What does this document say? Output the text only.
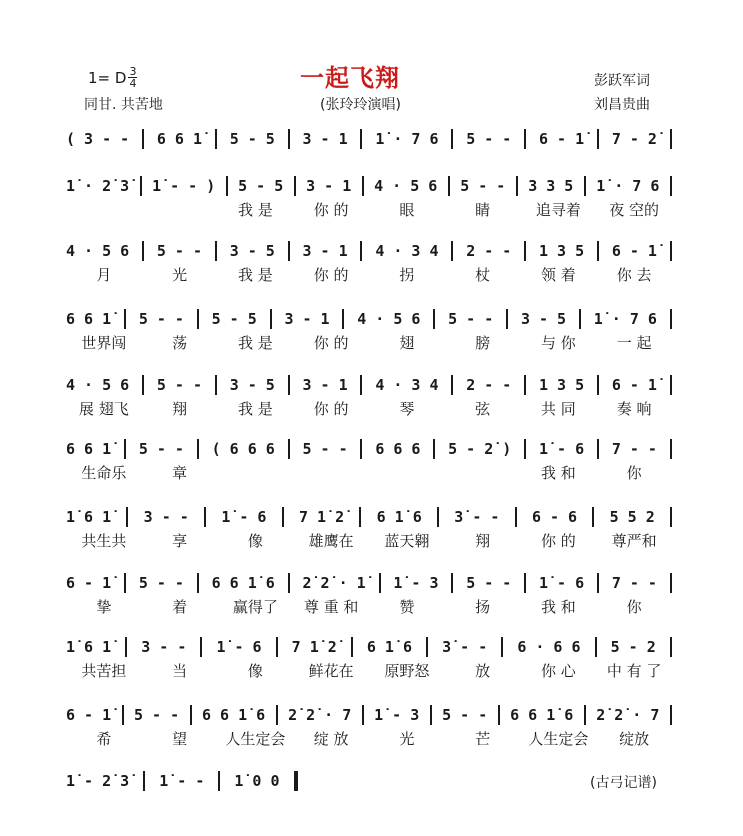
1= D $\frac{3}{4}$
同甘. 共苦地
一起飞翔
(张玲玲演唱)
彭跃军词
刘昌贵曲
( 3 - - 6 6 1̇ 5 - 5 3 - 1 1̇ · 7 6 5 - - 6 - 1̇ 7 - 2̇
1̇ · 2̇ 3̇ 1̇ - - ) 5 - 5 3 - 1 4 · 5 6 5 - - 3 3 5 1̇ · 7 6
我 是	你 的	眼	睛	追寻着	夜 空的
4 · 5 6 5 - - 3 - 5 3 - 1 4 · 3 4 2 - - 1 3 5 6 - 1̇
月	光	我 是	你 的	拐	杖	领 着	你 去
6 6 1̇ 5 - - 5 - 5 3 - 1 4 · 5 6 5 - - 3 - 5 1̇ · 7 6
世界闯	荡	我 是	你 的	翅	膀	与 你	一 起
4 · 5 6 5 - - 3 - 5 3 - 1 4 · 3 4 2 - - 1 3 5 6 - 1̇
展 翅飞	翔	我 是	你 的	琴	弦	共 同	奏 响
6 6 1̇ 5 - - ( 6 6 6 5 - - 6 6 6 5 - 2̇ ) 1̇ - 6 7 - -
生命乐	章	我 和	你
1̇ 6 1̇ 3 - - 1̇ - 6 7 1̇ 2̇ 6 1̇ 6 3̇ - - 6 - 6 5 5 2
共生共	享	像	雄鹰在	蓝天翱	翔	你 的	尊严和
6 - 1̇ 5 - - 6 6 1̇ 6 2̇ 2̇ · 1̇ 1̇ - 3 5 - - 1̇ - 6 7 - -
挚	着	赢得了	尊 重 和	赞	扬	我 和	你
1̇ 6 1̇ 3 - - 1̇ - 6 7 1̇ 2̇ 6 1̇ 6 3̇ - - 6 · 6 6 5 - 2
共苦担	当	像	鲜花在	原野怒	放	你 心	中 有 了
6 - 1̇ 5 - - 6 6 1̇ 6 2̇ 2̇ · 7 1̇ - 3 5 - - 6 6 1̇ 6 2̇ 2̇ · 7
希	望	人生定会	绽 放	光	芒	人生定会	绽放
1̇ - 2̇ 3̇ 1̇ - - 1̇ 0 0	(古弓记谱)
